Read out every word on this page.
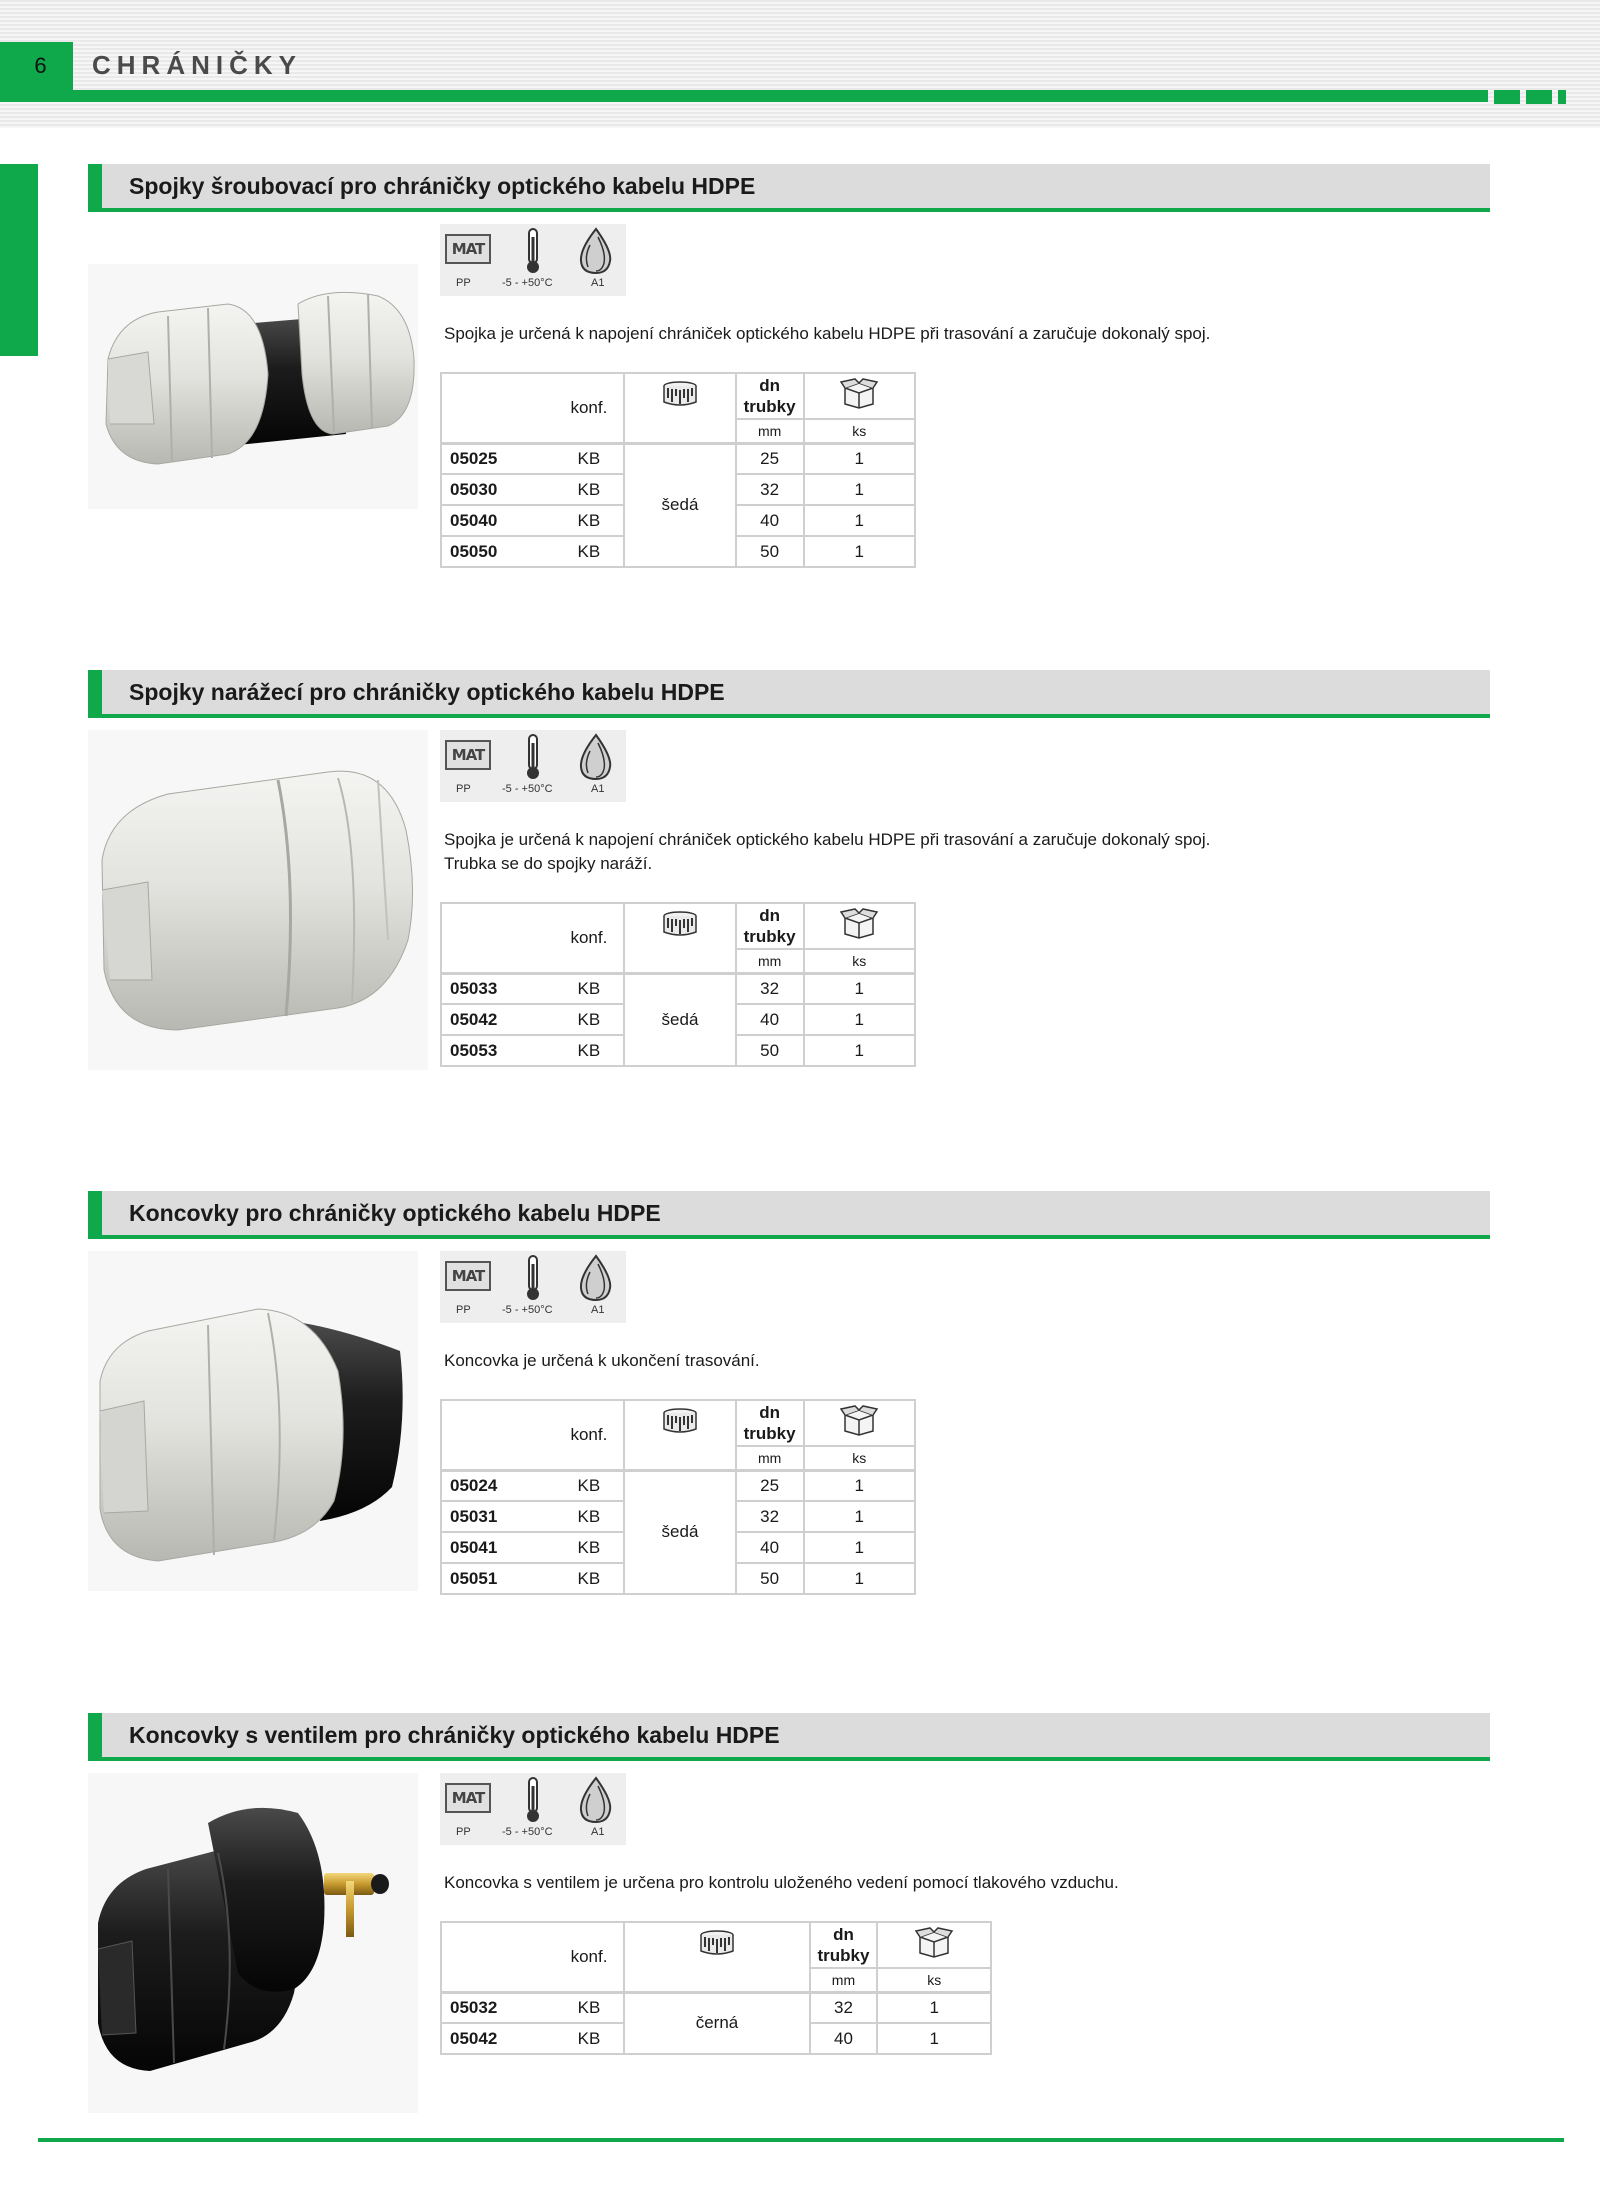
6	CHRÁNIČKY
Spojky šroubovací pro chráničky optického kabelu HDPE
MAT
PP	-5 - +50°C	A1
Spojka je určená k napojení chrániček optického kabelu HDPE při trasování a zaručuje dokonalý spoj.
	konf.		dn
trubky	
			mm	ks
05025	KB	šedá	25	1
05030	KB		32	1
05040	KB		40	1
05050	KB		50	1
Spojky narážecí pro chráničky optického kabelu HDPE
MAT
PP	-5 - +50°C	A1
Spojka je určená k napojení chrániček optického kabelu HDPE při trasování a zaručuje dokonalý spoj.
Trubka se do spojky naráží.
	konf.		dn
trubky	
			mm	ks
05033	KB	šedá	32	1
05042	KB		40	1
05053	KB		50	1
Koncovky pro chráničky optického kabelu HDPE
MAT
PP	-5 - +50°C	A1
Koncovka je určená k ukončení trasování.
	konf.		dn
trubky	
			mm	ks
05024	KB	šedá	25	1
05031	KB		32	1
05041	KB		40	1
05051	KB		50	1
Koncovky s ventilem pro chráničky optického kabelu HDPE
MAT
PP	-5 - +50°C	A1
Koncovka s ventilem je určena pro kontrolu uloženého vedení pomocí tlakového vzduchu.
	konf.		dn
trubky	
			mm	ks
05032	KB	černá	32	1
05042	KB		40	1
